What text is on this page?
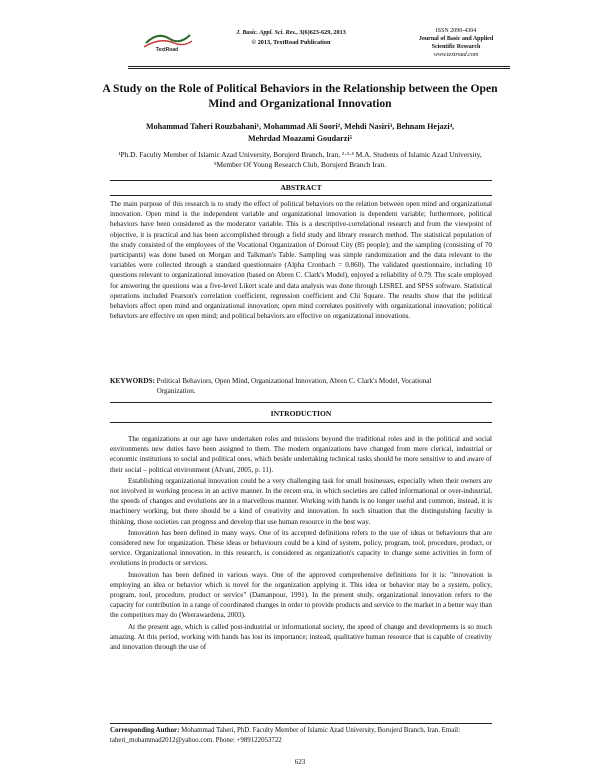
TextRoad
J. Basic. Appl. Sci. Res., 3(6)623-629, 2013
© 2013, TextRoad Publication
ISSN 2090-4304
Journal of Basic and Applied
Scientific Research
www.textroad.com
A Study on the Role of Political Behaviors in the Relationship between the Open Mind and Organizational Innovation
Mohammad Taheri Rouzbahani¹, Mohammad Ali Soori², Mehdi Nasiri³, Behnam Hejazi⁴,
Mehrdad Moazami Goudarzi⁵
¹Ph.D. Faculty Member of Islamic Azad University, Borujerd Branch, Iran, ²·³·⁴ M.A. Students of Islamic Azad University, ⁵Member Of Young Research Club, Borujerd Branch Iran.
ABSTRACT
The main purpose of this research is to study the effect of political behaviors on the relation between open mind and organizational innovation. Open mind is the independent variable and organizational innovation is dependent variable; furthermore, political behaviors have been considered as the moderator variable. This is a descriptive-correlational research and from the viewpoint of objective, it is practical and has been accomplished through a field study and library research method. The statistical population of the study consisted of the employees of the Vocational Organization of Doroud City (85 people); and the sampling (consisting of 70 participants) was done based on Morgan and Talkman's Table. Sampling was simple randomization and the data relevant to the variables were collected through a standard questionnaire (Alpha Cronbach = 0.860). The validated questionnaire, including 10 questions relevant to organizational innovation (based on Abren C. Clark's Model), enjoyed a reliability of 0.79. The scale employed for answering the questions was a five-level Likert scale and data analysis was done through LISREL and SPSS software. Statistical operations included Pearson's correlation coefficient, regression coefficient and Chi Square. The results show that the political behaviors affect open mind and organizational innovation; open mind correlates positively with organizational innovation; political behaviors are effective on open mind; and political behaviors are effective on organizational innovations.
KEYWORDS: Political Behaviors, Open Mind, Organizational Innovation, Abren C. Clark's Model, Vocational Organization.
INTRODUCTION

The organizations at our age have undertaken roles and missions beyond the traditional roles and in the political and social environments new duties have been assigned to them. The modern organizations have changed from mere clerical, industrial or economic institutions to social and political ones, which beside undertaking technical tasks should be more sensitive to and aware of their social – political environment (Alvani, 2005, p. 11).

Establishing organizational innovation could be a very challenging task for small businesses, especially when their owners are not involved in working process in an active manner. In the recent era, in which societies are called informational or over-industrial, the speeds of changes and evolutions are in a marvellous manner. Working with hands is no longer useful and common, instead, it is machinery working, but there should be a kind of creativity and innovation. In such situation that the distinguishing faculty is thinking, those societies can progress and develop that use human resource in the best way.

Innovation has been defined in many ways. One of its accepted definitions refers to the use of ideas or behaviours that are considered new for organization. These ideas or behaviours could be a kind of system, policy, program, tool, procedure, product, or service. Organizational innovation, in this research, is considered as organization's capacity to change some activities in form of evolutions in products or services.

Innovation has been defined in various ways. One of the approved comprehensive definitions for it is: "innovation is employing an idea or behavior which is novel for the organization applying it. This idea or behavior may be a system, policy, program, tool, procedure, product or service" (Damanpour, 1991). In the present study, organizational innovation refers to the capacity for contribution in a range of coordinated changes in order to provide products and service to the market in a better way than the competitors may do (Weerawardena, 2003).

At the present age, which is called post-industrial or informational society, the speed of change and developments is so much amazing. At this period, working with hands has lost its importance; instead, qualitative human resource that is capable of creativity and innovation through the use of

Corresponding Author: Mohammad Taheri, PhD. Faculty Member of Islamic Azad University, Borujerd Branch, Iran. Email: taheri_mohammad2012@yahoo.com. Phone: +989122053722
623
